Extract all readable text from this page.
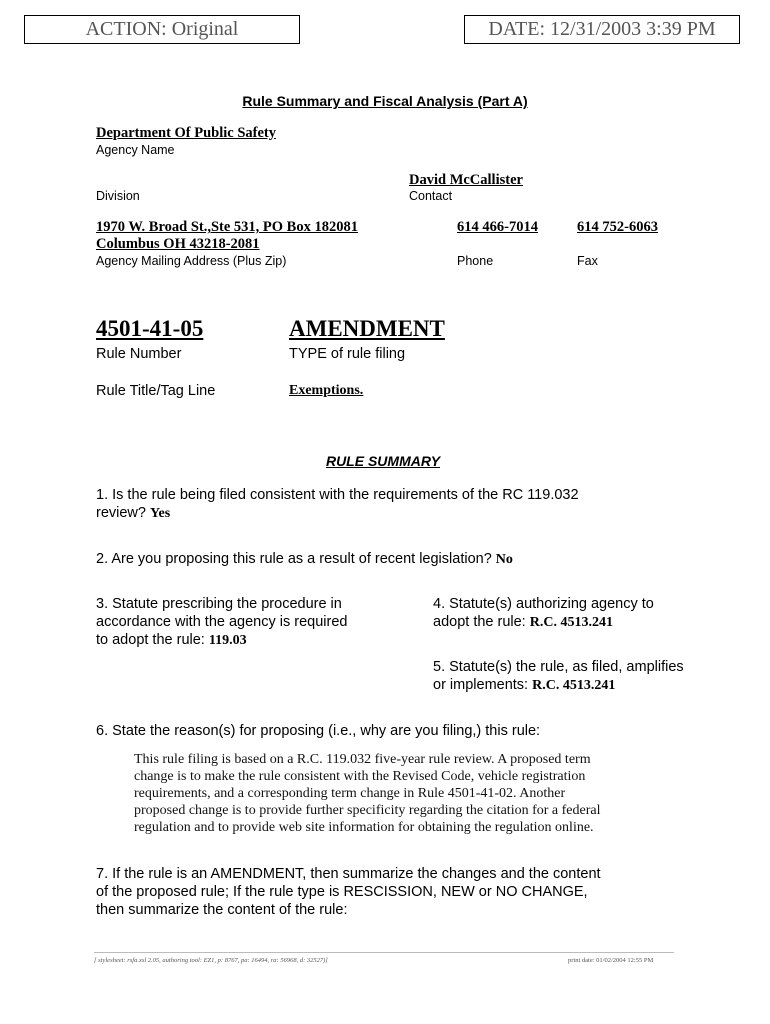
ACTION: Original	DATE: 12/31/2003 3:39 PM
Rule Summary and Fiscal Analysis (Part A)
Department Of Public Safety
Agency Name
David McCallister
Division	Contact
1970 W. Broad St.,Ste 531, PO Box 182081
Columbus OH 43218-2081
614 466-7014	614 752-6063
Agency Mailing Address (Plus Zip)	Phone	Fax
4501-41-05	AMENDMENT
Rule Number	TYPE of rule filing
Rule Title/Tag Line	Exemptions.
RULE SUMMARY
1. Is the rule being filed consistent with the requirements of the RC 119.032
review? Yes
2. Are you proposing this rule as a result of recent legislation? No
3. Statute prescribing the procedure in
accordance with the agency is required
to adopt the rule: 119.03
4. Statute(s) authorizing agency to
adopt the rule: R.C. 4513.241
5. Statute(s) the rule, as filed, amplifies
or implements: R.C. 4513.241
6. State the reason(s) for proposing (i.e., why are you filing,) this rule:
This rule filing is based on a R.C. 119.032 five-year rule review. A proposed term
change is to make the rule consistent with the Revised Code, vehicle registration
requirements, and a corresponding term change in Rule 4501-41-02. Another
proposed change is to provide further specificity regarding the citation for a federal
regulation and to provide web site information for obtaining the regulation online.
7. If the rule is an AMENDMENT, then summarize the changes and the content
of the proposed rule; If the rule type is RESCISSION, NEW or NO CHANGE,
then summarize the content of the rule:
[ stylesheet: rsfa.xsl 2.05, authoring tool: EZ1, p: 8767, pa: 16494, ra: 56968, d: 32527)]	print date: 01/02/2004 12:55 PM
